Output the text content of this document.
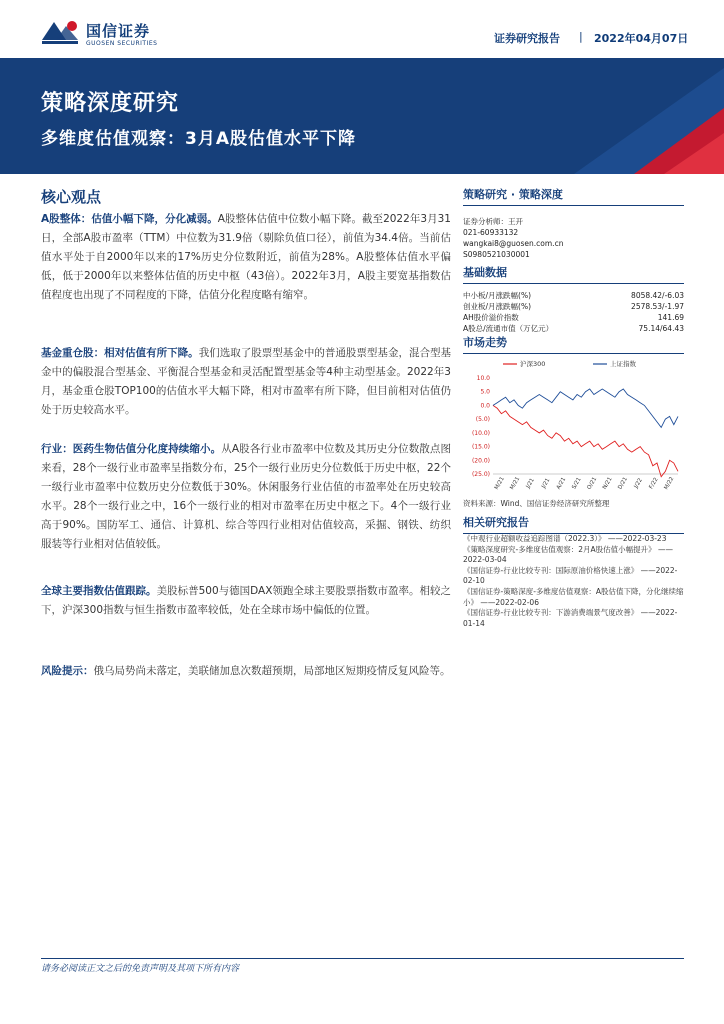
国信证券
GUOSEN SECURITIES	证券研究报告 | 2022年04月07日
策略深度研究
多维度估值观察：3月A股估值水平下降
核心观点

A股整体：估值小幅下降，分化减弱。A股整体估值中位数小幅下降。截至2022年3月31日，全部A股市盈率（TTM）中位数为31.9倍（剔除负值口径），前值为34.4倍。当前估值水平处于自2000年以来的17%历史分位数附近，前值为28%。A股整体估值水平偏低，低于2000年以来整体估值的历史中枢（43倍）。2022年3月，A股主要宽基指数估值程度也出现了不同程度的下降，估值分化程度略有缩窄。

基金重仓股：相对估值有所下降。我们选取了股票型基金中的普通股票型基金，混合型基金中的偏股混合型基金、平衡混合型基金和灵活配置型基金等4种主动型基金。2022年3月，基金重仓股TOP100的估值水平大幅下降，相对市盈率有所下降，但目前相对估值仍处于历史较高水平。

行业：医药生物估值分化度持续缩小。从A股各行业市盈率中位数及其历史分位数散点图来看，28个一级行业市盈率呈指数分布，25个一级行业历史分位数低于历史中枢，22个一级行业市盈率中位数历史分位数低于30%。休闲服务行业估值的市盈率处在历史较高水平。28个一级行业之中，16个一级行业的相对市盈率在历史中枢之下。4个一级行业高于90%。国防军工、通信、计算机、综合等四行业相对估值较高，采掘、钢铁、纺织服装等行业相对估值较低。

全球主要指数估值跟踪。美股标普500与德国DAX领跑全球主要股票指数市盈率。相较之下，沪深300指数与恒生指数市盈率较低，处在全球市场中偏低的位置。

风险提示：俄乌局势尚未落定，美联储加息次数超预期，局部地区短期疫情反复风险等。

策略研究 · 策略深度
证券分析师：王开
021-60933132
wangkai8@guosen.com.cn
S0980521030001
基础数据
中小板/月涨跌幅(%)	8058.42/-6.03
创业板/月涨跌幅(%)	2578.53/-1.97
AH股价溢价指数	141.69
A股总/流通市值（万亿元）	75.14/64.43
市场走势
沪深300	上证指数
10.0
5.0
0.0
(5.0)
(10.0)
(15.0)
(20.0)
(25.0)
M/21 M/21 J/21 J/21 A/21 S/21 O/21 N/21 D/21 J/22 F/22 M/22
资料来源：Wind、国信证券经济研究所整理
相关研究报告
《中观行业超额收益追踪图谱（2022.3）》 ——2022-03-23
《策略深度研究-多维度估值观察：2月A股估值小幅提升》 ——2022-03-04
《国信证券-行业比较专刊：国际原油价格快速上涨》 ——2022-02-10
《国信证券-策略深度-多维度估值观察：A股估值下降，分化继续缩小》 ——2022-02-06
《国信证券-行业比较专刊：下游消费端景气度改善》 ——2022-01-14
请务必阅读正文之后的免责声明及其项下所有内容
